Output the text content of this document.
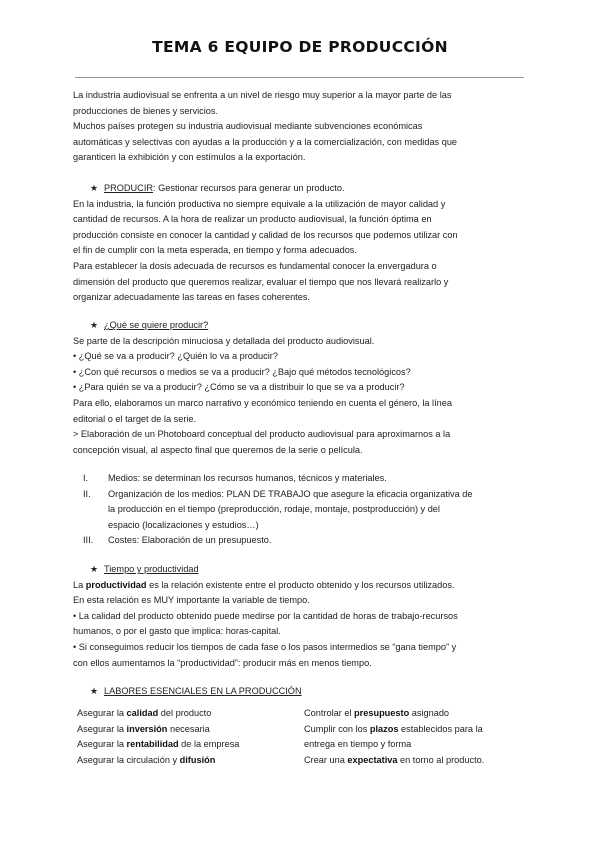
TEMA 6 EQUIPO DE PRODUCCIÓN

La industria audiovisual se enfrenta a un nivel de riesgo muy superior a la mayor parte de las

producciones de bienes y servicios.

Muchos países protegen su industria audiovisual mediante subvenciones económicas

automáticas y selectivas con ayudas a la producción y a la comercialización, con medidas que

garanticen la exhibición y con estímulos a la exportación.

★ PRODUCIR: Gestionar recursos para generar un producto.

En la industria, la función productiva no siempre equivale a la utilización de mayor calidad y

cantidad de recursos. A la hora de realizar un producto audiovisual, la función óptima en

producción consiste en conocer la cantidad y calidad de los recursos que podemos utilizar con

el fin de cumplir con la meta esperada, en tiempo y forma adecuados.

Para establecer la dosis adecuada de recursos es fundamental conocer la envergadura o

dimensión del producto que queremos realizar, evaluar el tiempo que nos llevará realizarlo y

organizar adecuadamente las tareas en fases coherentes.

★ ¿Qué se quiere producir?

Se parte de la descripción minuciosa y detallada del producto audiovisual.

• ¿Qué se va a producir? ¿Quién lo va a producir?

• ¿Con qué recursos o medios se va a producir? ¿Bajo qué métodos tecnológicos?

• ¿Para quién se va a producir? ¿Cómo se va a distribuir lo que se va a producir?

Para ello, elaboramos un marco narrativo y económico teniendo en cuenta el género, la línea

editorial o el target de la serie.

> Elaboración de un Photoboard conceptual del producto audiovisual para aproximarnos a la

concepción visual, al aspecto final que queremos de la serie o película.

I. Medios: se determinan los recursos humanos, técnicos y materiales.
II. Organización de los medios: PLAN DE TRABAJO que asegure la eficacia organizativa de
la producción en el tiempo (preproducción, rodaje, montaje, postproducción) y del
espacio (localizaciones y estudios…)
III. Costes: Elaboración de un presupuesto.

★ Tiempo y productividad

La productividad es la relación existente entre el producto obtenido y los recursos utilizados.

En esta relación es MUY importante la variable de tiempo.

• La calidad del producto obtenido puede medirse por la cantidad de horas de trabajo-recursos

humanos, o por el gasto que implica: horas-capital.

• Si conseguimos reducir los tiempos de cada fase o los pasos intermedios se “gana tiempo” y

con ellos aumentamos la “productividad”: producir más en menos tiempo.

★ LABORES ESENCIALES EN LA PRODUCCIÓN

Asegurar la calidad del producto
Asegurar la inversión necesaria
Asegurar la rentabilidad de la empresa
Asegurar la circulación y difusión
Controlar el presupuesto asignado
Cumplir con los plazos establecidos para la
entrega en tiempo y forma
Crear una expectativa en torno al producto.
